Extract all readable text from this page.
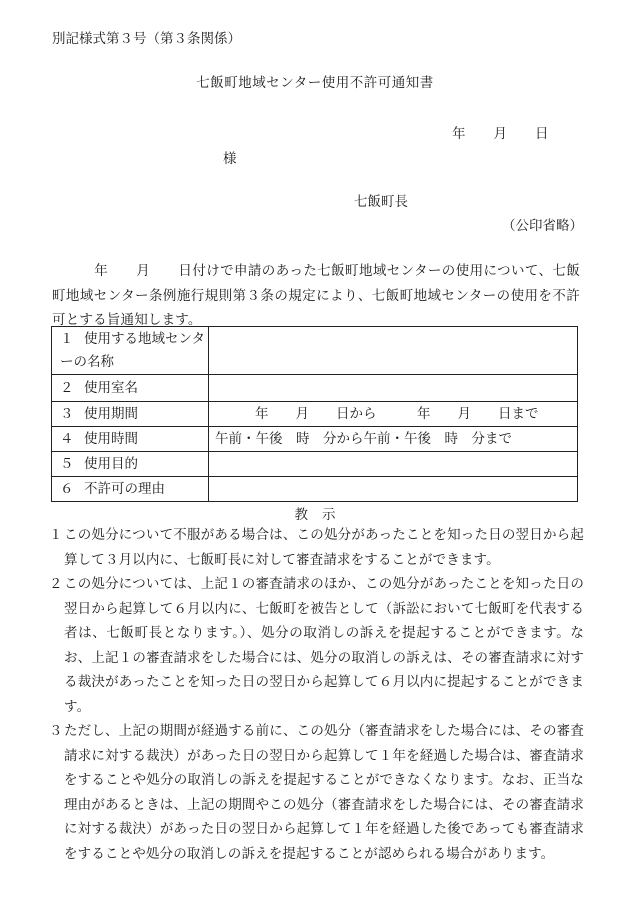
別記様式第３号（第３条関係）
七飯町地域センター使用不許可通知書
年 月 日
様
七飯町長
（公印省略）
年 月 日付けで申請のあった七飯町地域センターの使用について、七飯町地域センター条例施行規則第３条の規定により、七飯町地域センターの使用を不許可とする旨通知します。
１ 使用する地域センターの名称	
２ 使用室名	
３ 使用期間	年　　月　　日から　　　年　　月　　日まで
４ 使用時間	午前・午後　時　分から午前・午後　時　分まで
５ 使用目的	
６ 不許可の理由	
教示
１ この処分について不服がある場合は、この処分があったことを知った日の翌日から起算して３月以内に、七飯町長に対して審査請求をすることができます。
２ この処分については、上記１の審査請求のほか、この処分があったことを知った日の翌日から起算して６月以内に、七飯町を被告として（訴訟において七飯町を代表する者は、七飯町長となります。）、処分の取消しの訴えを提起することができます。なお、上記１の審査請求をした場合には、処分の取消しの訴えは、その審査請求に対する裁決があったことを知った日の翌日から起算して６月以内に提起することができます。
３ ただし、上記の期間が経過する前に、この処分（審査請求をした場合には、その審査請求に対する裁決）があった日の翌日から起算して１年を経過した場合は、審査請求をすることや処分の取消しの訴えを提起することができなくなります。なお、正当な理由があるときは、上記の期間やこの処分（審査請求をした場合には、その審査請求に対する裁決）があった日の翌日から起算して１年を経過した後であっても審査請求をすることや処分の取消しの訴えを提起することが認められる場合があります。
